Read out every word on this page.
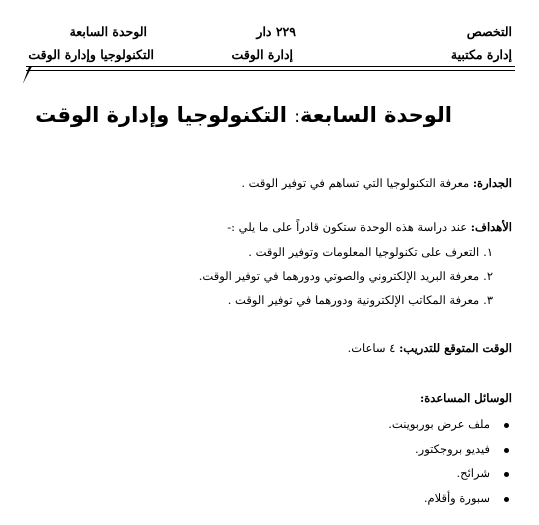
التخصص
إدارة مكتبية
٢٢٩ دار
إدارة الوقت
الوحدة السابعة
التكنولوجيا وإدارة الوقت
الوحدة السابعة: التكنولوجيا وإدارة الوقت
الجدارة: معرفة التكنولوجيا التي تساهم في توفير الوقت .
الأهداف: عند دراسة هذه الوحدة ستكون قادراً على ما يلي :-
١.التعرف على تكنولوجيا المعلومات وتوفير الوقت .
٢.معرفة البريد الإلكتروني والصوتي ودورهما في توفير الوقت.
٣.معرفة المكاتب الإلكترونية ودورهما في توفير الوقت .
الوقت المتوقع للتدريب: ٤ ساعات.
الوسائل المساعدة:
ملف عرض بوربوينت.
فيديو بروجكتور.
شرائح.
سبورة وأقلام.
